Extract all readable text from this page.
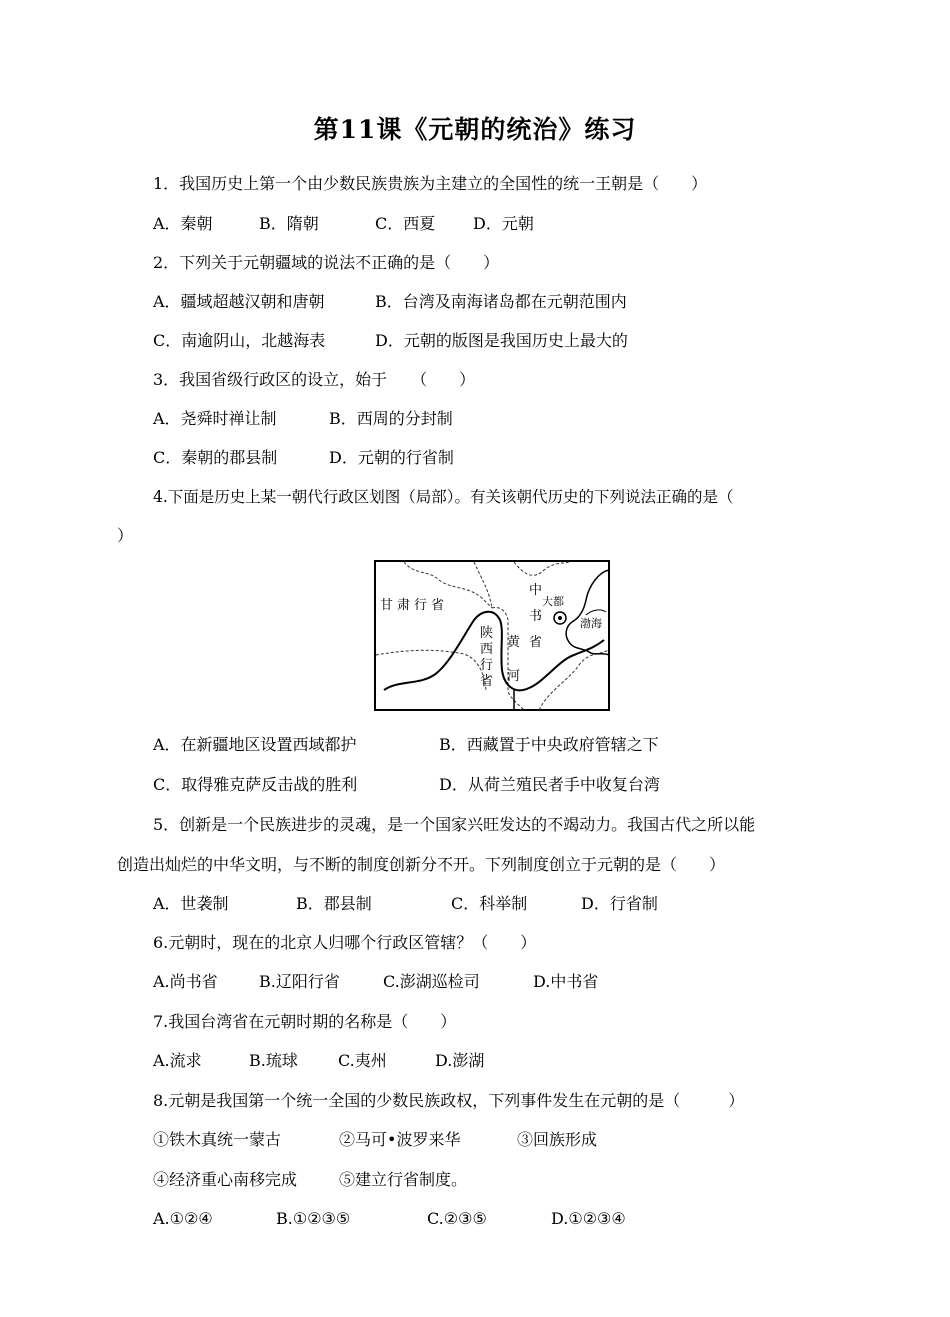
第11课《元朝的统治》练习
1．我国历史上第一个由少数民族贵族为主建立的全国性的统一王朝是（　　）
A．秦朝	B．隋朝	C．西夏 D．元朝
2．下列关于元朝疆域的说法不正确的是（　　）
A．疆域超越汉朝和唐朝	B．台湾及南海诸岛都在元朝范围内
C．南逾阴山，北越海表	D．元朝的版图是我国历史上最大的
3．我国省级行政区的设立，始于　　（　　）
A．尧舜时禅让制	B．西周的分封制
C．秦朝的郡县制	D．元朝的行省制
4.下面是历史上某一朝代行政区划图（局部）。有关该朝代历史的下列说法正确的是（
）
甘肃行省
陕西行省
黄河
中书省
大都
渤海
A．在新疆地区设置西域都护	B．西藏置于中央政府管辖之下
C．取得雅克萨反击战的胜利	D．从荷兰殖民者手中收复台湾
5．创新是一个民族进步的灵魂，是一个国家兴旺发达的不竭动力。我国古代之所以能
创造出灿烂的中华文明，与不断的制度创新分不开。下列制度创立于元朝的是（　　）
A．世袭制	B．郡县制	C．科举制	D．行省制
6.元朝时，现在的北京人归哪个行政区管辖？（　　）
A.尚书省	B.辽阳行省	C.澎湖巡检司	D.中书省
7.我国台湾省在元朝时期的名称是（　　）
A.流求	B.琉球	C.夷州	D.澎湖
8.元朝是我国第一个统一全国的少数民族政权，下列事件发生在元朝的是（　　　）
①铁木真统一蒙古	②马可•波罗来华	③回族形成
④经济重心南移完成	⑤建立行省制度。
A.①②④	B.①②③⑤	C.②③⑤	D.①②③④
